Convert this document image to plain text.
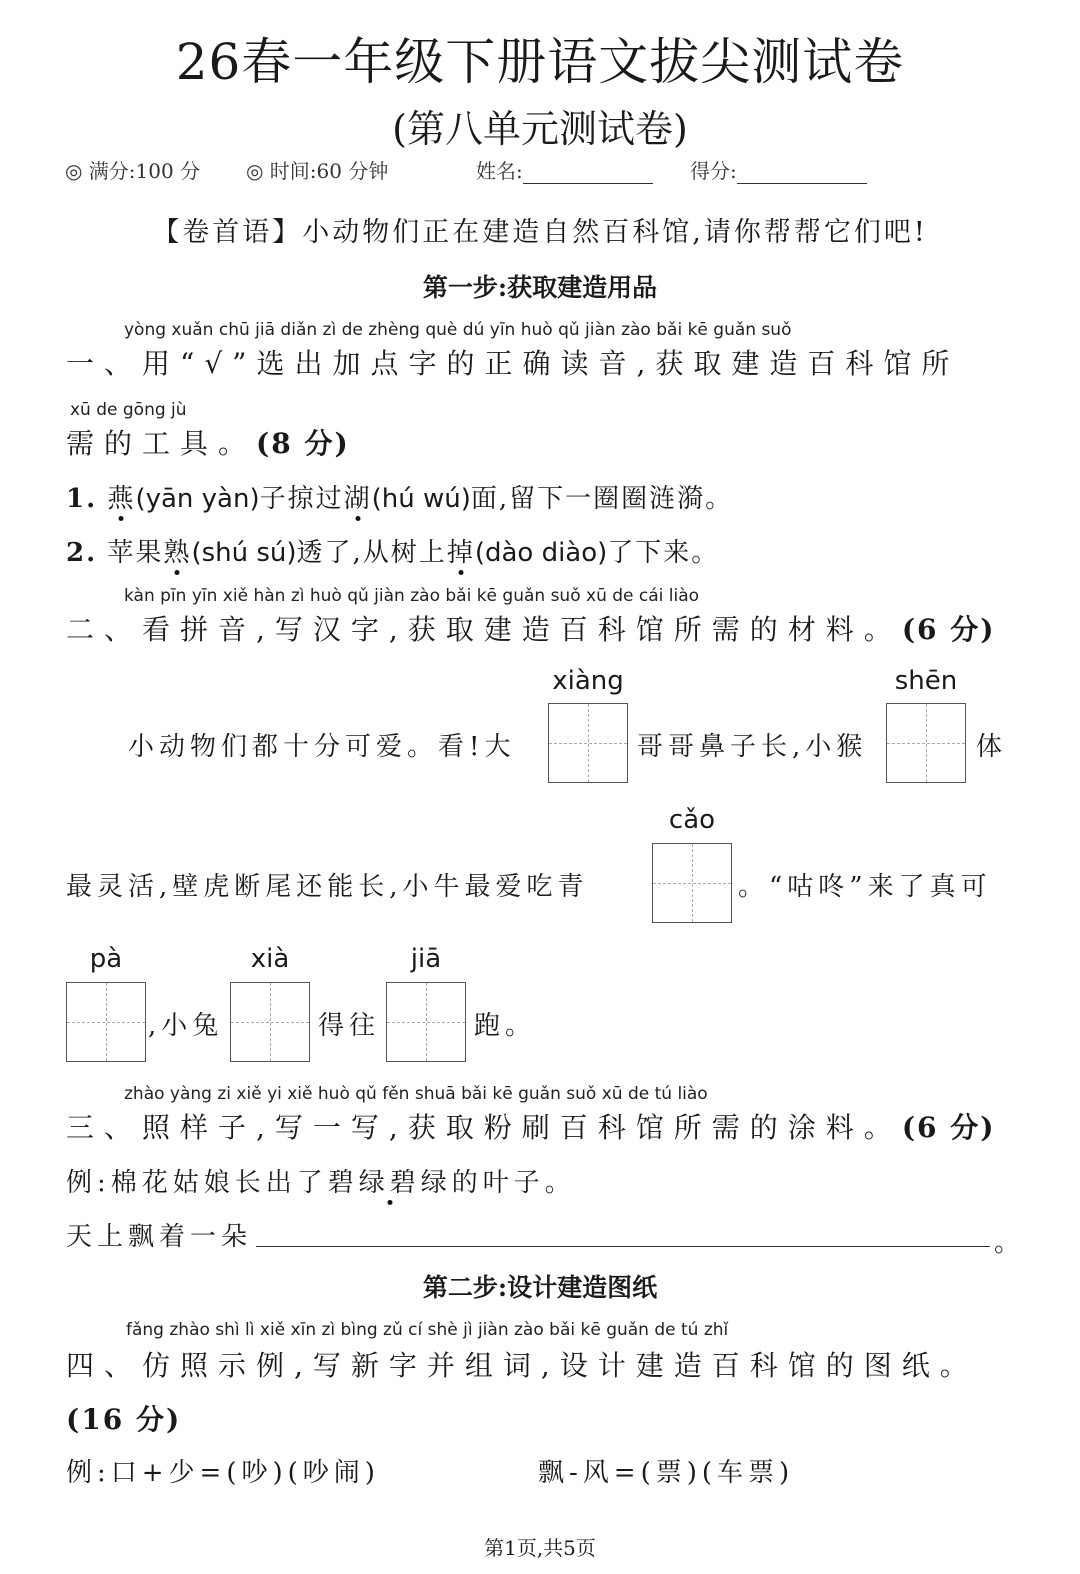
26春一年级下册语文拔尖测试卷
(第八单元测试卷)
◎ 满分:100 分 ◎ 时间:60 分钟	姓名:	得分:
【卷首语】小动物们正在建造自然百科馆,请你帮帮它们吧!
第一步:获取建造用品
yòng xuǎn chū jiā diǎn zì de zhèng què dú yīn huò qǔ jiàn zào bǎi kē guǎn suǒ
一、用“√”选出加点字的正确读音,获取建造百科馆所
xū de gōng jù
需的工具。(8 分)
1. 燕(yān yàn)子掠过湖(hú wú)面,留下一圈圈涟漪。
2. 苹果熟(shú sú)透了,从树上掉(dào diào)了下来。
kàn pīn yīn xiě hàn zì huò qǔ jiàn zào bǎi kē guǎn suǒ xū de cái liào
二、看拼音,写汉字,获取建造百科馆所需的材料。(6 分)
xiàng	shēn
小动物们都十分可爱。看!大	哥哥鼻子长,小猴	体
cǎo
最灵活,壁虎断尾还能长,小牛最爱吃青	。“咕咚”来了真可
pà	xià	jiā
,小兔	得往	跑。
zhào yàng zi xiě yi xiě huò qǔ fěn shuā bǎi kē guǎn suǒ xū de tú liào
三、照样子,写一写,获取粉刷百科馆所需的涂料。(6 分)
例:棉花姑娘长出了碧绿碧绿的叶子。
天上飘着一朵	。
第二步:设计建造图纸
fǎng zhào shì lì xiě xīn zì bìng zǔ cí shè jì jiàn zào bǎi kē guǎn de tú zhǐ
四、仿照示例,写新字并组词,设计建造百科馆的图纸。
(16 分)
例:口+少=(吵)(吵闹)	飘-风=(票)(车票)
第1页,共5页
